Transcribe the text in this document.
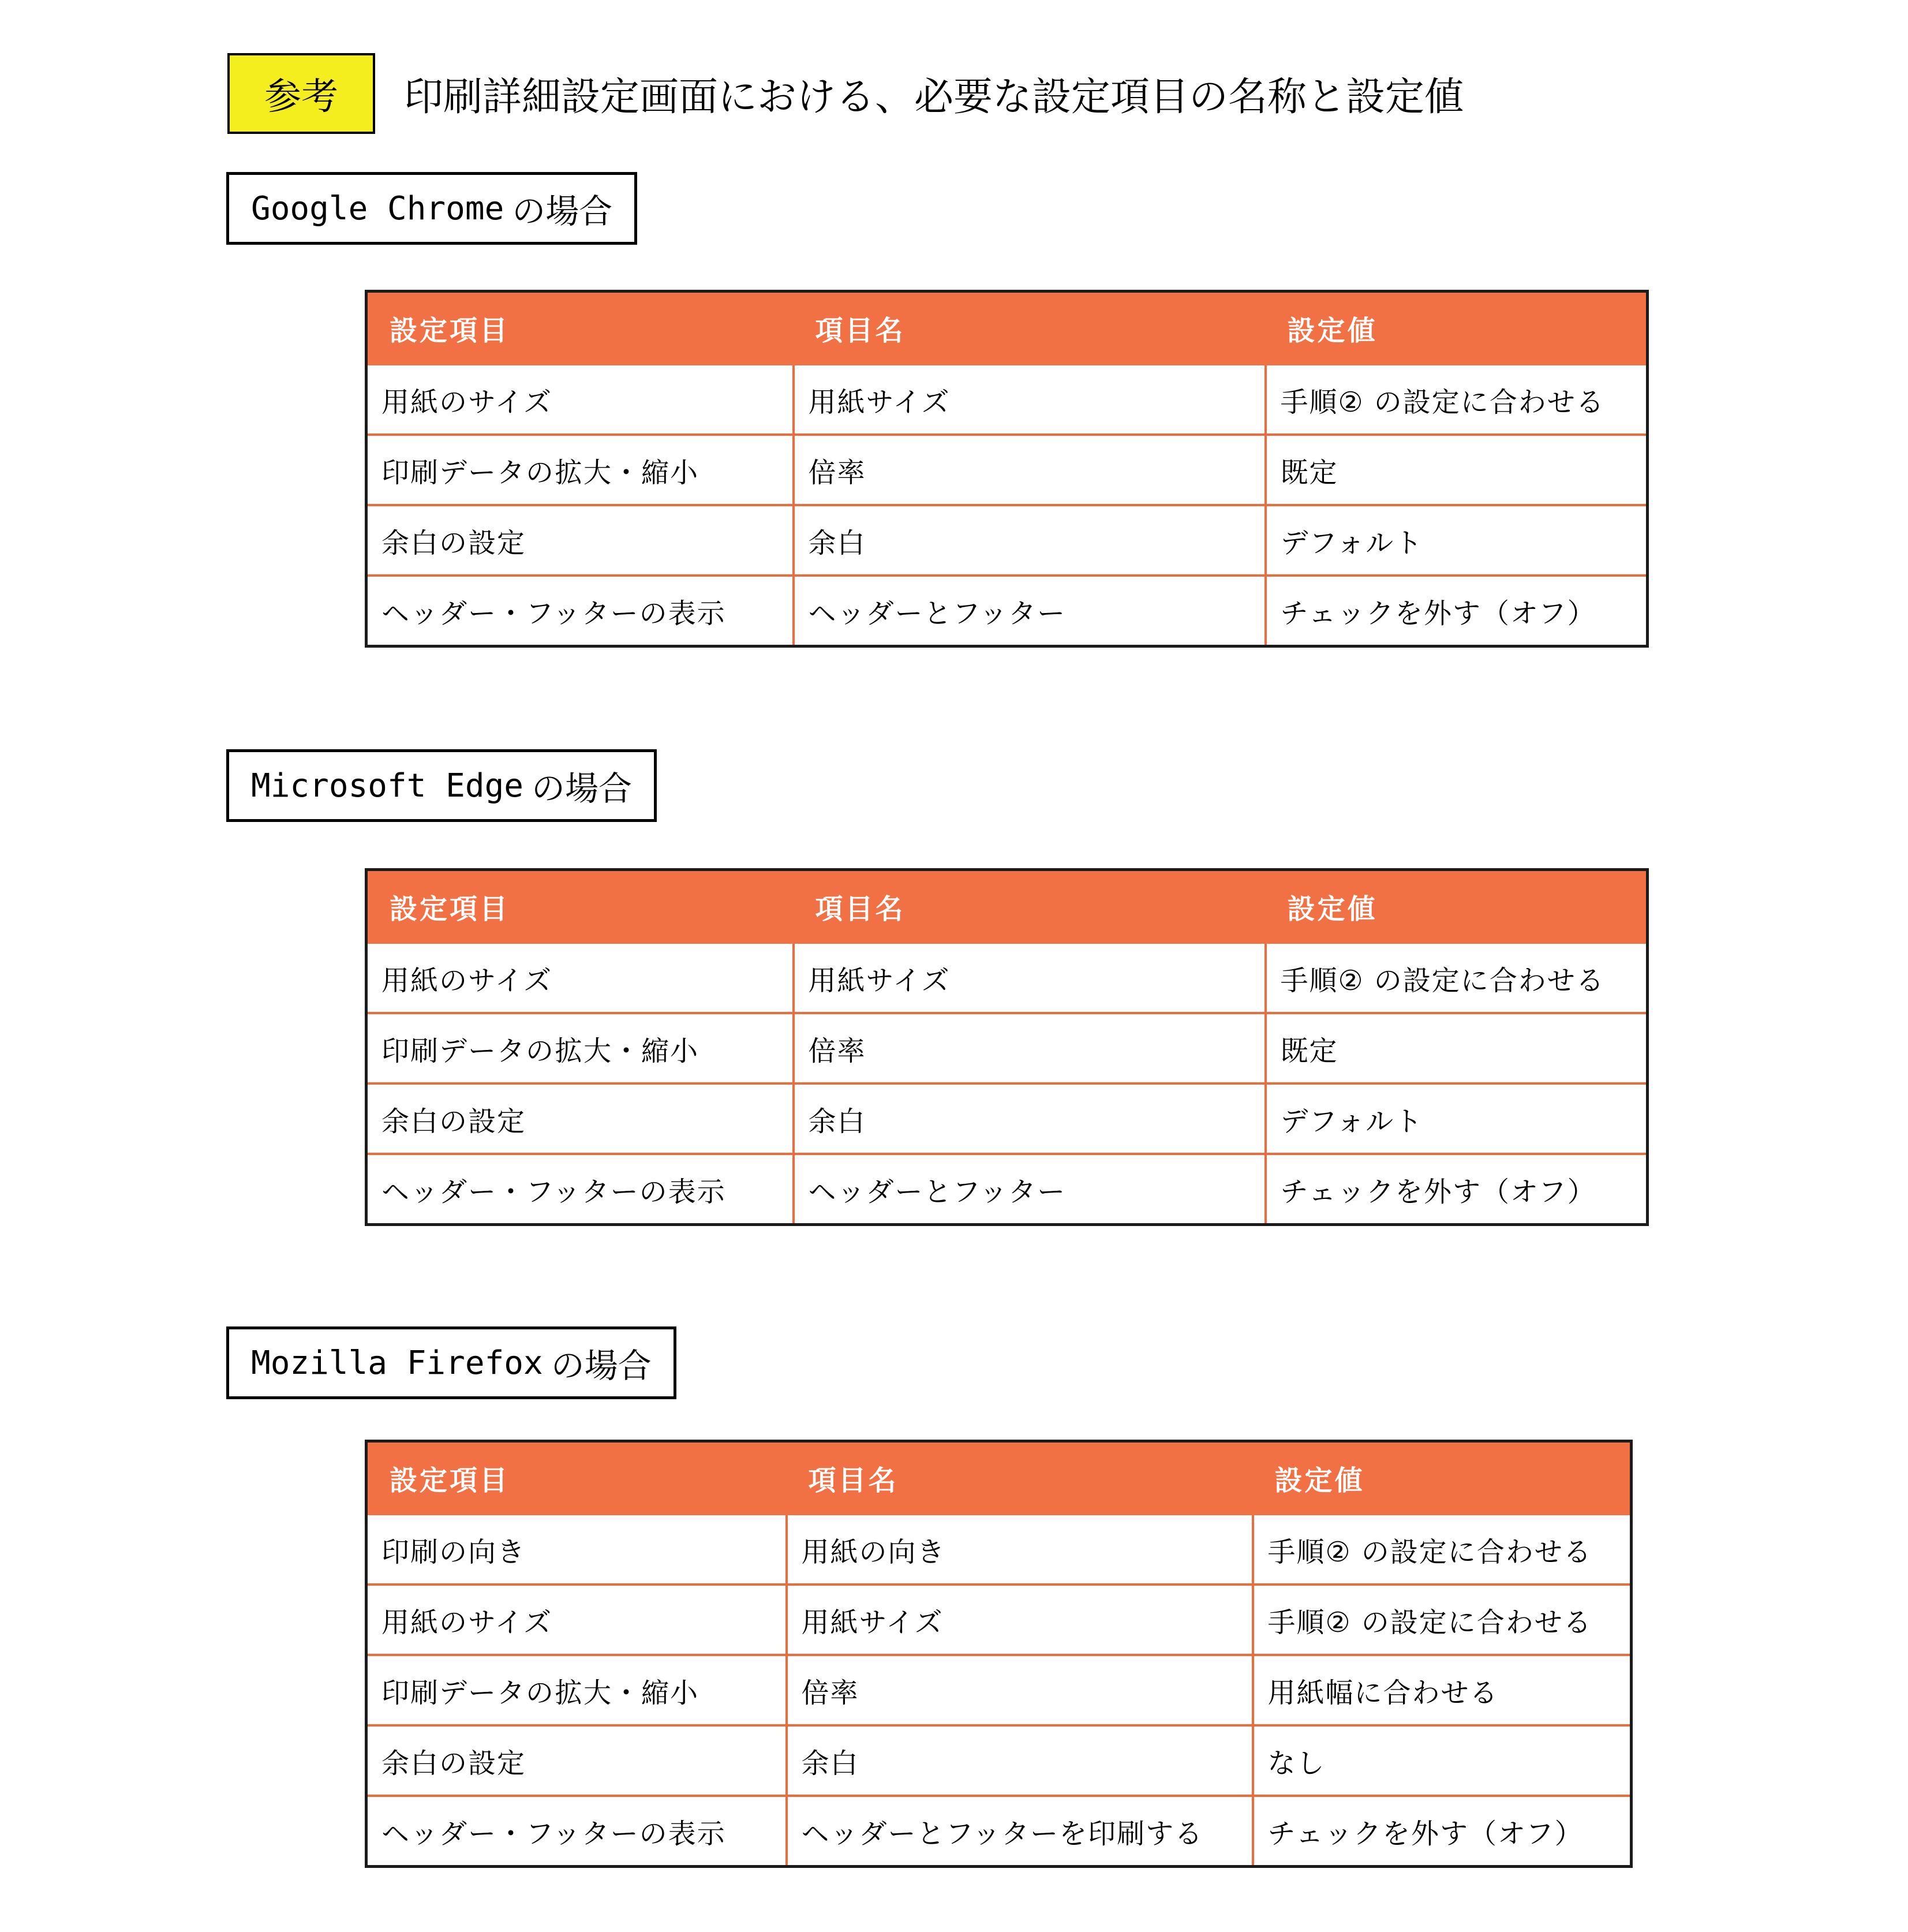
参考 印刷詳細設定画面における、必要な設定項目の名称と設定値
Google Chrome の場合
設定項目	項目名	設定値
用紙のサイズ	用紙サイズ	手順② の設定に合わせる
印刷データの拡大・縮小	倍率	既定
余白の設定	余白	デフォルト
ヘッダー・フッターの表示	ヘッダーとフッター	チェックを外す（オフ）
Microsoft Edge の場合
設定項目	項目名	設定値
用紙のサイズ	用紙サイズ	手順② の設定に合わせる
印刷データの拡大・縮小	倍率	既定
余白の設定	余白	デフォルト
ヘッダー・フッターの表示	ヘッダーとフッター	チェックを外す（オフ）
Mozilla Firefox の場合
設定項目	項目名	設定値
印刷の向き	用紙の向き	手順② の設定に合わせる
用紙のサイズ	用紙サイズ	手順② の設定に合わせる
印刷データの拡大・縮小	倍率	用紙幅に合わせる
余白の設定	余白	なし
ヘッダー・フッターの表示	ヘッダーとフッターを印刷する	チェックを外す（オフ）
